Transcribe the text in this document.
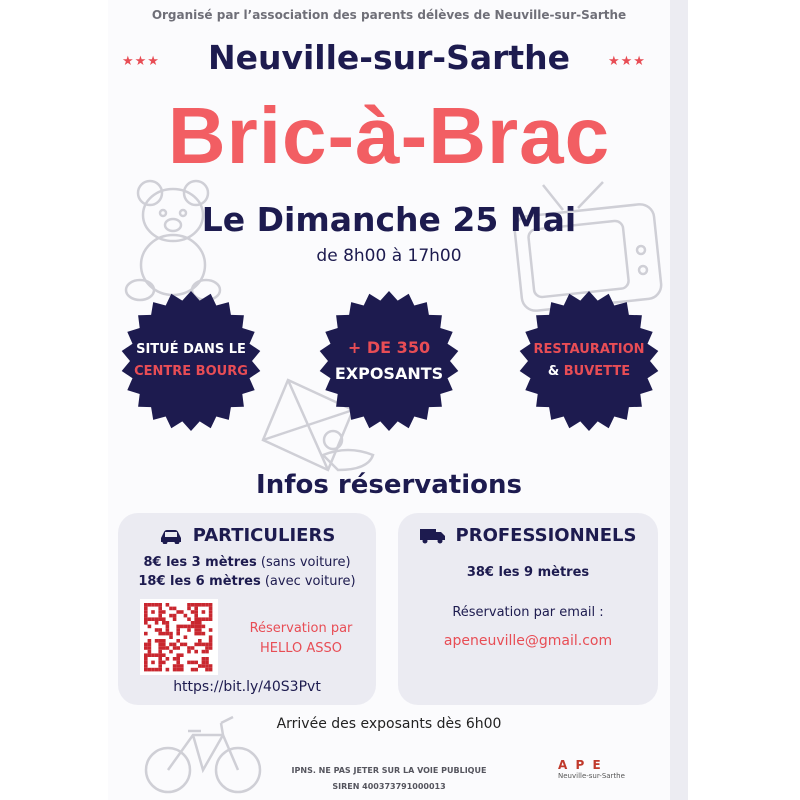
Organisé par l’association des parents délèves de Neuville-sur-Sarthe
★★★	Neuville-sur-Sarthe	★★★
Bric-à-Brac
Le Dimanche 25 Mai
de 8h00 à 17h00
SITUÉ DANS LE
CENTRE BOURG
+ DE 350
EXPOSANTS
RESTAURATION
& BUVETTE
Infos réservations
PARTICULIERS
8€ les 3 mètres (sans voiture)
18€ les 6 mètres (avec voiture)
Réservation par
HELLO ASSO
https://bit.ly/40S3Pvt
PROFESSIONNELS
38€ les 9 mètres
Réservation par email :
apeneuville@gmail.com
Arrivée des exposants dès 6h00
IPNS. NE PAS JETER SUR LA VOIE PUBLIQUE
SIREN 400373791000013
A P E
Neuville-sur-Sarthe
